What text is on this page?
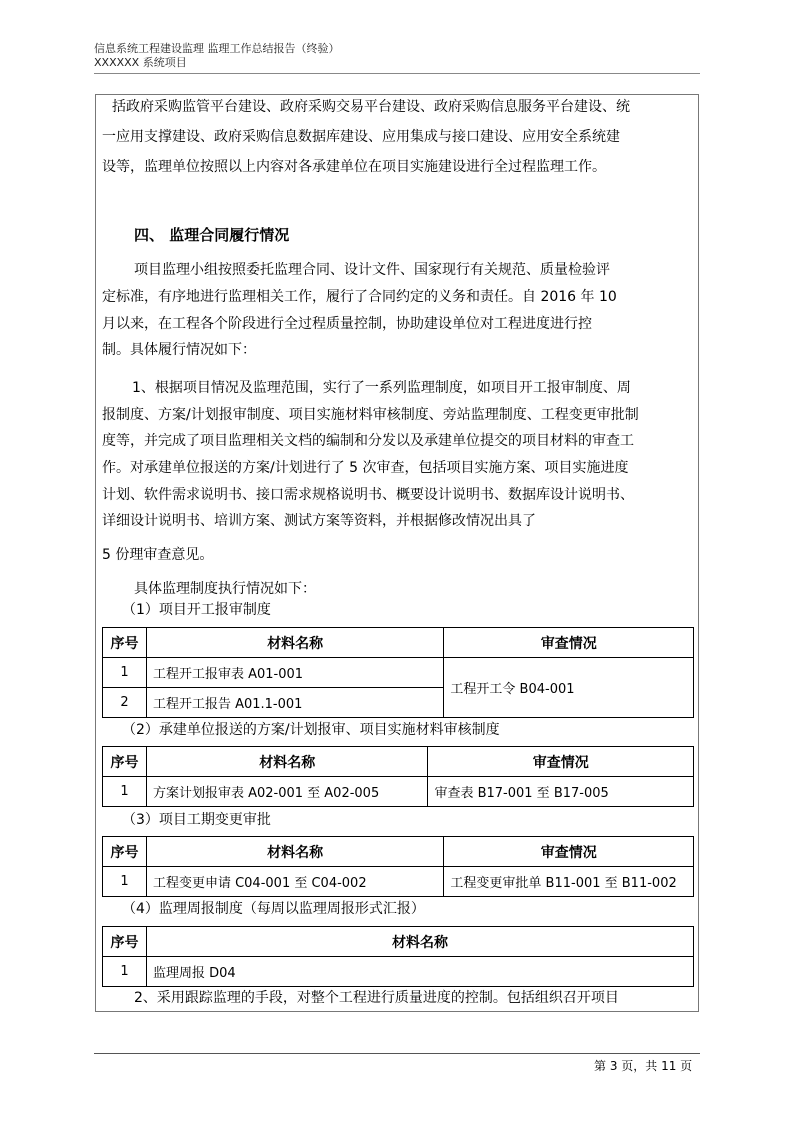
信息系统工程建设监理 监理工作总结报告（终验）
XXXXXX 系统项目
括政府采购监管平台建设、政府采购交易平台建设、政府采购信息服务平台建设、统
一应用支撑建设、政府采购信息数据库建设、应用集成与接口建设、应用安全系统建
设等，监理单位按照以上内容对各承建单位在项目实施建设进行全过程监理工作。
四、 监理合同履行情况
项目监理小组按照委托监理合同、设计文件、国家现行有关规范、质量检验评
定标准，有序地进行监理相关工作，履行了合同约定的义务和责任。自 2016 年 10
月以来，在工程各个阶段进行全过程质量控制，协助建设单位对工程进度进行控
制。具体履行情况如下：
1、根据项目情况及监理范围，实行了一系列监理制度，如项目开工报审制度、周
报制度、方案/计划报审制度、项目实施材料审核制度、旁站监理制度、工程变更审批制
度等，并完成了项目监理相关文档的编制和分发以及承建单位提交的项目材料的审查工
作。对承建单位报送的方案/计划进行了 5 次审查，包括项目实施方案、项目实施进度
计划、软件需求说明书、接口需求规格说明书、概要设计说明书、数据库设计说明书、
详细设计说明书、培训方案、测试方案等资料，并根据修改情况出具了
5 份理审查意见。
具体监理制度执行情况如下：
（1）项目开工报审制度
序号	材料名称	审查情况
1	工程开工报审表 A01-001	工程开工令 B04-001
2	工程开工报告 A01.1-001	
（2）承建单位报送的方案/计划报审、项目实施材料审核制度
序号	材料名称	审查情况
1	方案计划报审表 A02-001 至 A02-005	审查表 B17-001 至 B17-005
（3）项目工期变更审批
序号	材料名称	审查情况
1	工程变更申请 C04-001 至 C04-002	工程变更审批单 B11-001 至 B11-002
（4）监理周报制度（每周以监理周报形式汇报）
序号	材料名称
1	监理周报 D04
2、采用跟踪监理的手段，对整个工程进行质量进度的控制。包括组织召开项目
第 3 页，共 11 页
